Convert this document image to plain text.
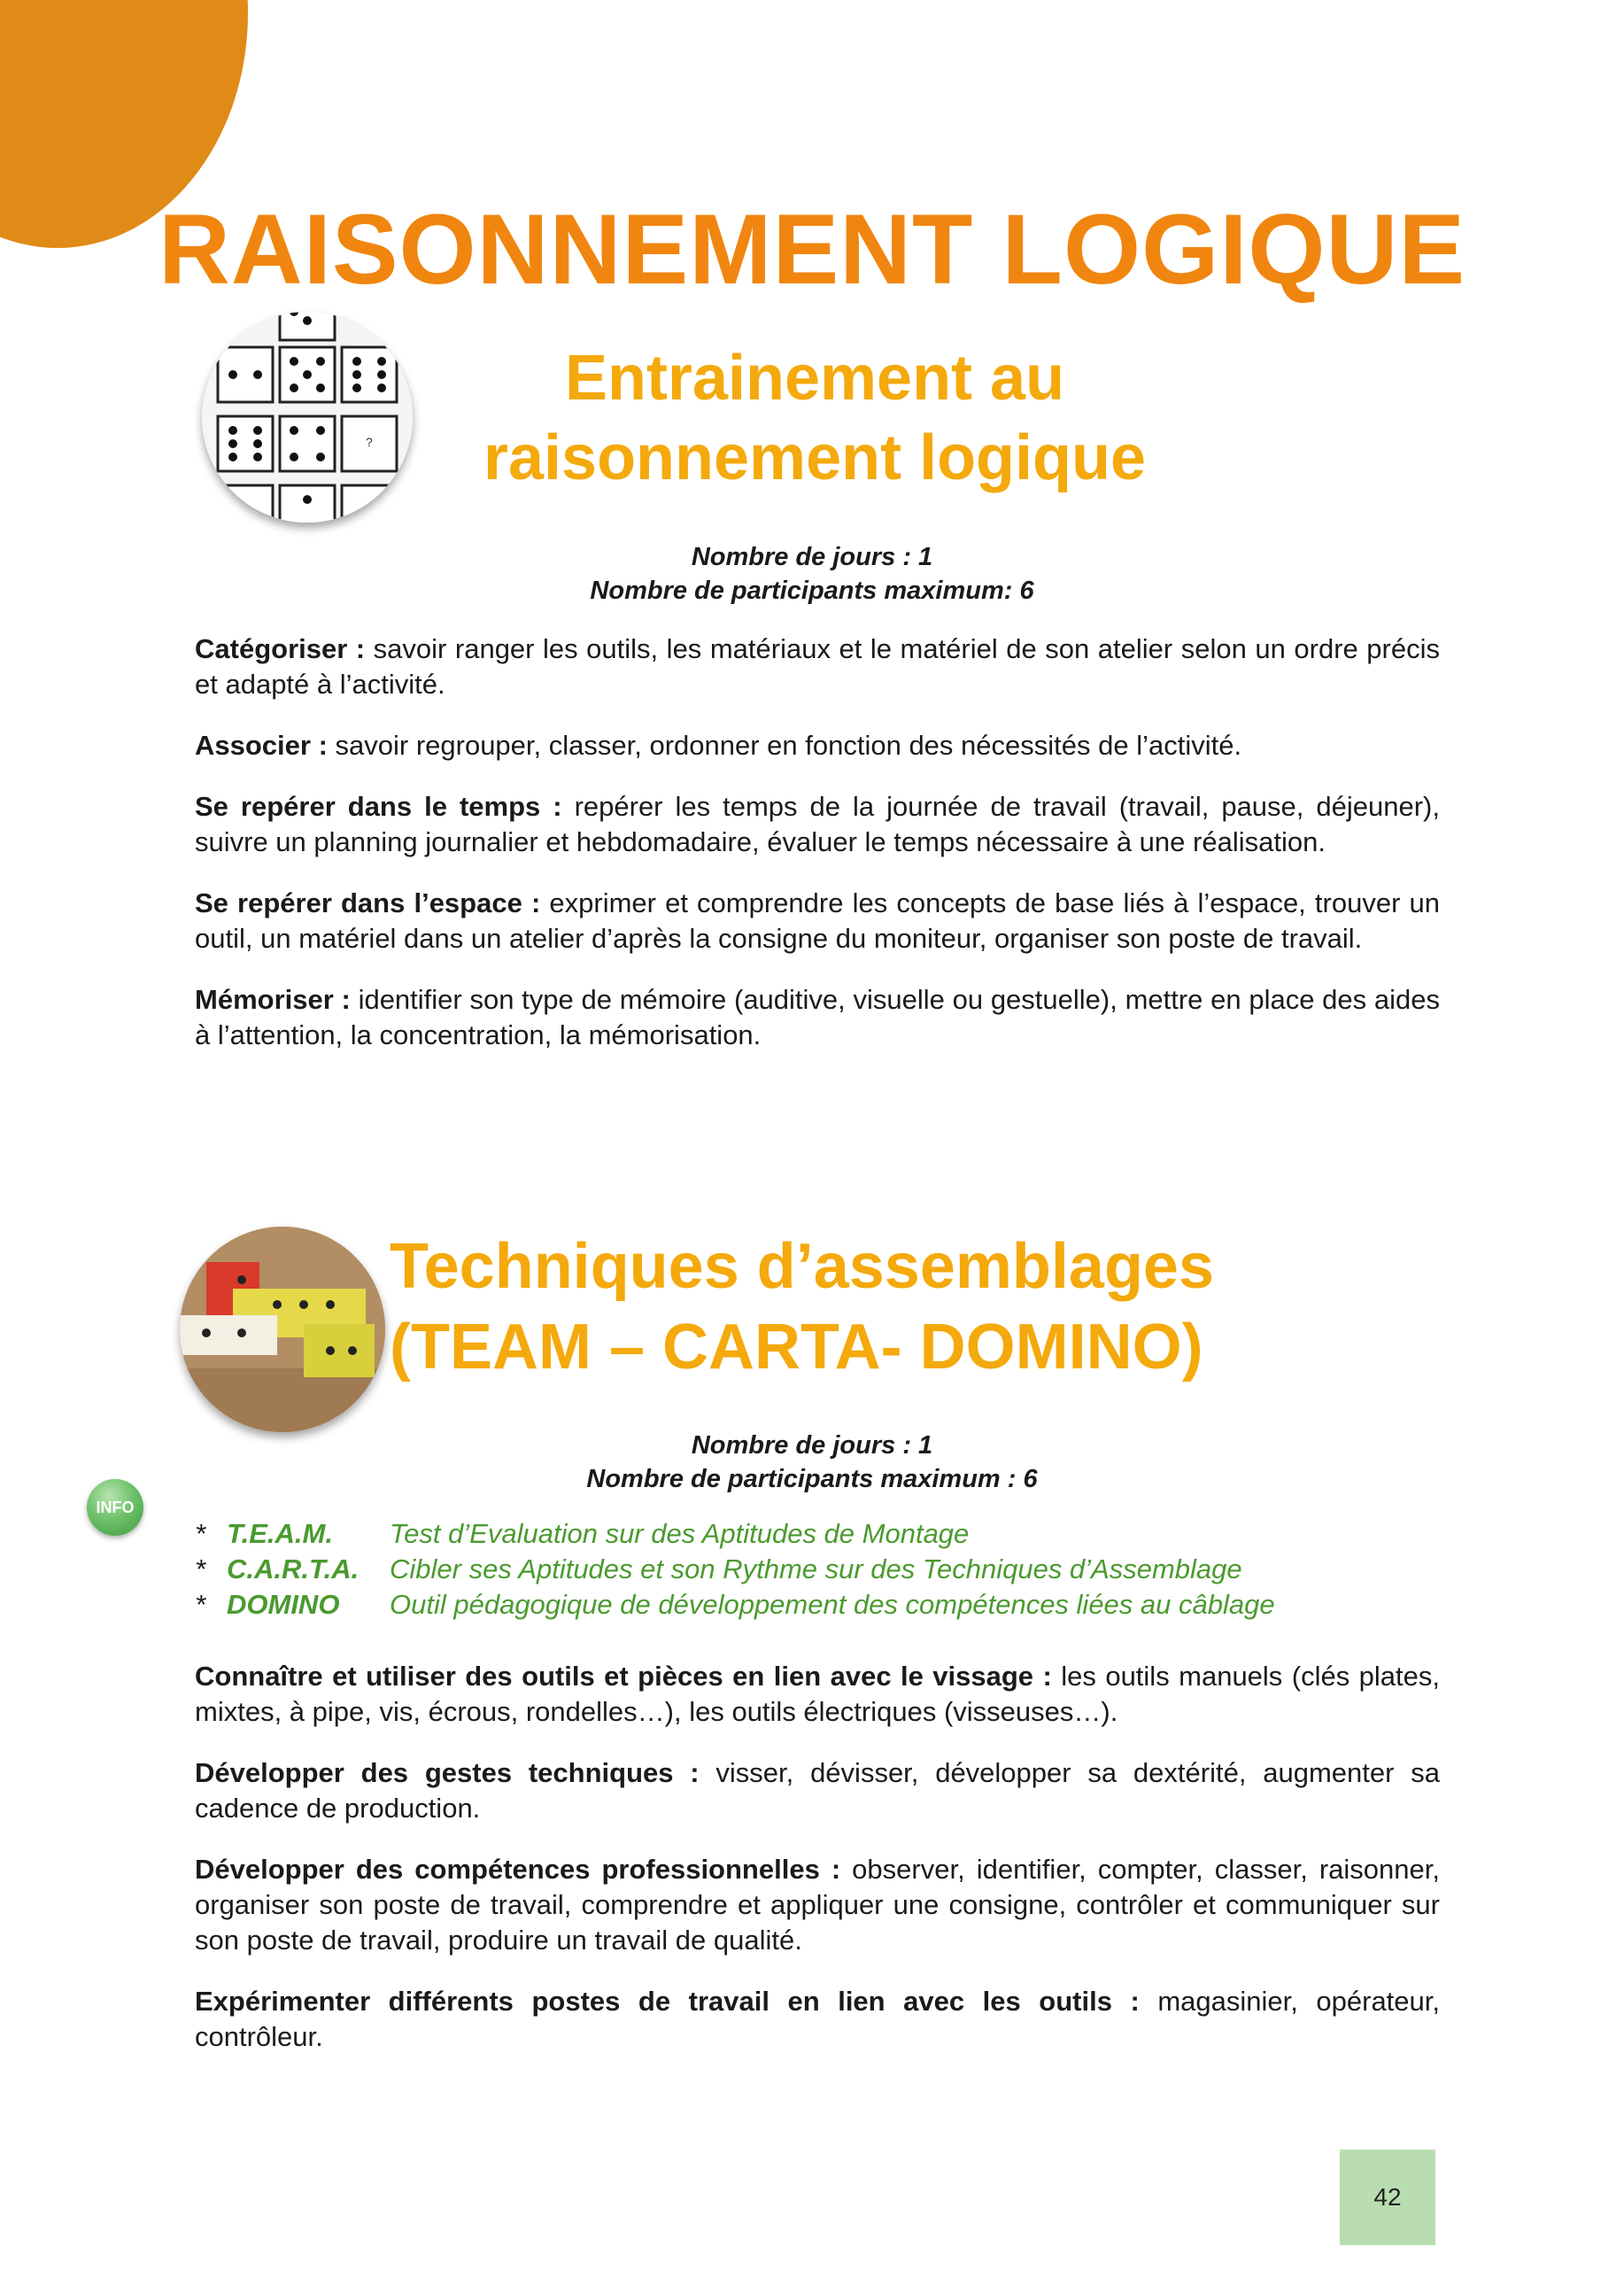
RAISONNEMENT LOGIQUE
?
?
Entrainement au
raisonnement logique
Nombre de jours : 1
Nombre de participants maximum: 6

Catégoriser : savoir ranger les outils, les matériaux et le matériel de son atelier selon un ordre précis et adapté à l’activité.

Associer : savoir regrouper, classer, ordonner en fonction des nécessités de l’activité.

Se repérer dans le temps : repérer les temps de la journée de travail (travail, pause, déjeuner), suivre un planning journalier et hebdomadaire, évaluer le temps nécessaire à une réalisation.

Se repérer dans l’espace : exprimer et comprendre les concepts de base liés à l’espace, trouver un outil, un matériel dans un atelier d’après la consigne du moniteur, organiser son poste de travail.

Mémoriser : identifier son type de mémoire (auditive, visuelle ou gestuelle), mettre en place des aides à l’attention, la concentration, la mémorisation.

Techniques d’assemblages
(TEAM – CARTA- DOMINO)
Nombre de jours : 1
Nombre de participants maximum : 6
INFO
* T.E.A.M.	Test d’Evaluation sur des Aptitudes de Montage
* C.A.R.T.A.	Cibler ses Aptitudes et son Rythme sur des Techniques d’Assemblage
* DOMINO	Outil pédagogique de développement des compétences liées au câblage

Connaître et utiliser des outils et pièces en lien avec le vissage : les outils manuels (clés plates, mixtes, à pipe, vis, écrous, rondelles…), les outils électriques (visseuses…).

Développer des gestes techniques : visser, dévisser, développer sa dextérité, augmenter sa cadence de production.

Développer des compétences professionnelles : observer, identifier, compter, classer, raisonner, organiser son poste de travail, comprendre et appliquer une consigne, contrôler et communiquer sur son poste de travail, produire un travail de qualité.

Expérimenter différents postes de travail en lien avec les outils : magasinier, opérateur, contrôleur.

42
